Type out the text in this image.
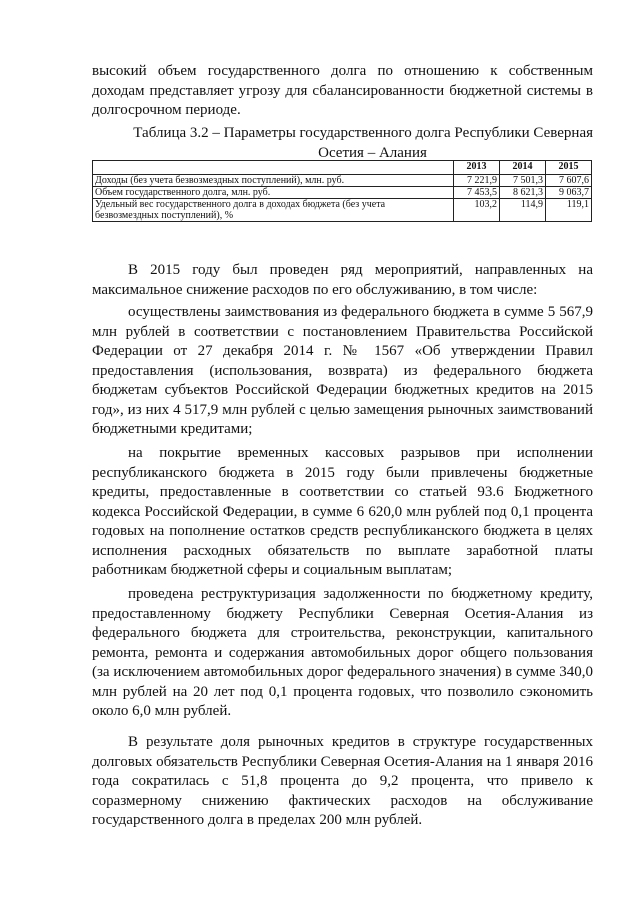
высокий объем государственного долга по отношению к собственным доходам представляет угрозу для сбалансированности бюджетной системы в долгосрочном периоде.

Таблица 3.2 – Параметры государственного долга Республики Северная
Осетия – Алания
	2013	2014	2015
Доходы (без учета безвозмездных поступлений), млн. руб.	7 221,9	7 501,3	7 607,6
Объем государственного долга, млн. руб.	7 453,5	8 621,3	9 063,7
Удельный вес государственного долга в доходах бюджета (без учета безвозмездных поступлений), %	103,2	114,9	119,1

В 2015 году был проведен ряд мероприятий, направленных на максимальное снижение расходов по его обслуживанию, в том числе:

осуществлены заимствования из федерального бюджета в сумме 5 567,9 млн рублей в соответствии с постановлением Правительства Российской Федерации от 27 декабря 2014 г. № 1567 «Об утверждении Правил предоставления (использования, возврата) из федерального бюджета бюджетам субъектов Российской Федерации бюджетных кредитов на 2015 год», из них 4 517,9 млн рублей с целью замещения рыночных заимствований бюджетными кредитами;

на покрытие временных кассовых разрывов при исполнении республиканского бюджета в 2015 году были привлечены бюджетные кредиты, предоставленные в соответствии со статьей 93.6 Бюджетного кодекса Российской Федерации, в сумме 6 620,0 млн рублей под 0,1 процента годовых на пополнение остатков средств республиканского бюджета в целях исполнения расходных обязательств по выплате заработной платы работникам бюджетной сферы и социальным выплатам;

проведена реструктуризация задолженности по бюджетному кредиту, предоставленному бюджету Республики Северная Осетия-Алания из федерального бюджета для строительства, реконструкции, капитального ремонта, ремонта и содержания автомобильных дорог общего пользования (за исключением автомобильных дорог федерального значения) в сумме 340,0 млн рублей на 20 лет под 0,1 процента годовых, что позволило сэкономить около 6,0 млн рублей.

В результате доля рыночных кредитов в структуре государственных долговых обязательств Республики Северная Осетия-Алания на 1 января 2016 года сократилась с 51,8 процента до 9,2 процента, что привело к соразмерному снижению фактических расходов на обслуживание государственного долга в пределах 200 млн рублей.
